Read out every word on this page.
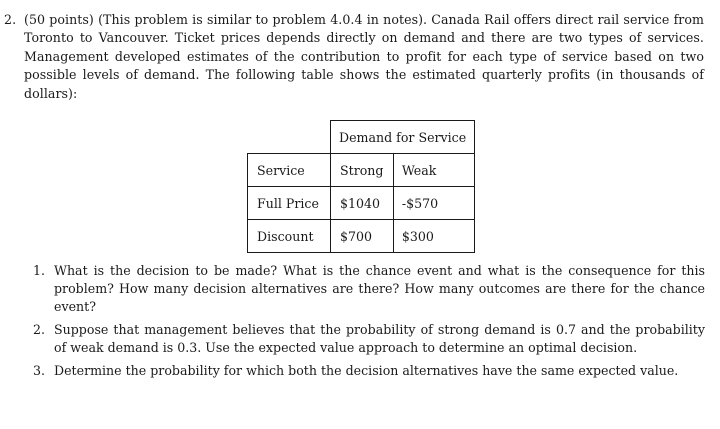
2. (50 points) (This problem is similar to problem 4.0.4 in notes). Canada Rail offers direct rail service from Toronto to Vancouver. Ticket prices depends directly on demand and there are two types of services. Management developed estimates of the contribution to profit for each type of service based on two possible levels of demand. The following table shows the estimated quarterly profits (in thousands of dollars):
	Demand for Service	
Service	Strong	Weak
Full Price	$1040	-$570
Discount	$700	$300
1. What is the decision to be made? What is the chance event and what is the consequence for this problem? How many decision alternatives are there? How many outcomes are there for the chance event?
2. Suppose that management believes that the probability of strong demand is 0.7 and the probability of weak demand is 0.3. Use the expected value approach to determine an optimal decision.
3. Determine the probability for which both the decision alternatives have the same expected value.
